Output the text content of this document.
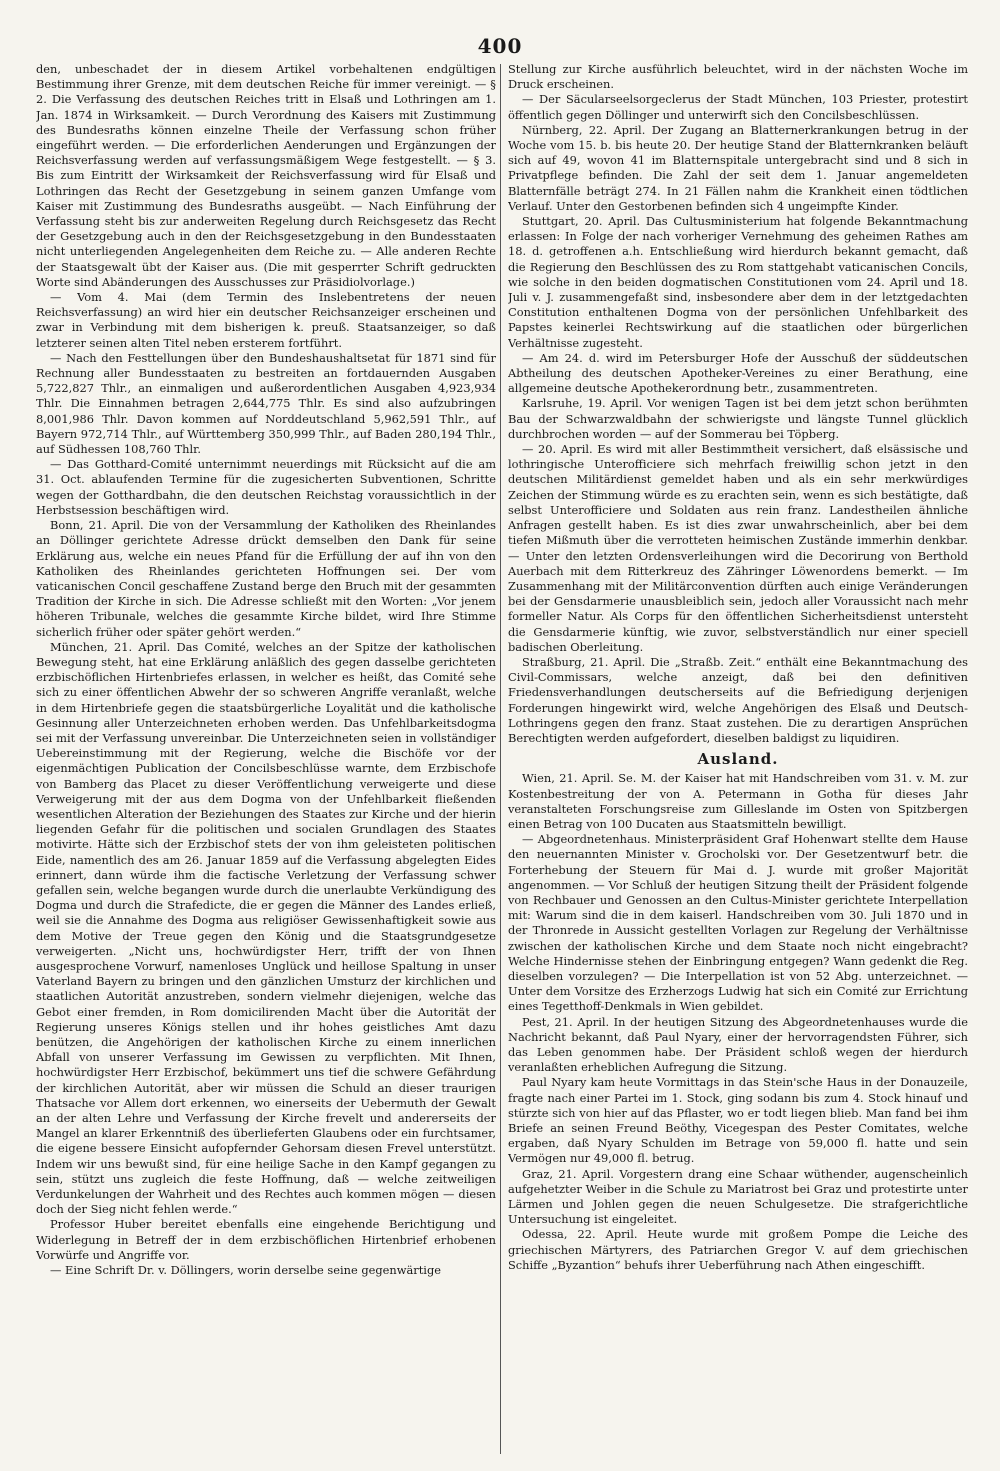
400

den, unbeschadet der in diesem Artikel vorbehaltenen endgültigen Bestimmung ihrer Grenze, mit dem deutschen Reiche für immer vereinigt. — § 2. Die Verfassung des deutschen Reiches tritt in Elsaß und Lothringen am 1. Jan. 1874 in Wirksamkeit. — Durch Verordnung des Kaisers mit Zustimmung des Bundesraths können einzelne Theile der Verfassung schon früher eingeführt werden. — Die erforderlichen Aenderungen und Ergänzungen der Reichsverfassung werden auf verfassungsmäßigem Wege festgestellt. — § 3. Bis zum Eintritt der Wirksamkeit der Reichsverfassung wird für Elsaß und Lothringen das Recht der Gesetzgebung in seinem ganzen Umfange vom Kaiser mit Zustimmung des Bundesraths ausgeübt. — Nach Einführung der Verfassung steht bis zur anderweiten Regelung durch Reichsgesetz das Recht der Gesetzgebung auch in den der Reichsgesetzgebung in den Bundesstaaten nicht unterliegenden Angelegenheiten dem Reiche zu. — Alle anderen Rechte der Staatsgewalt übt der Kaiser aus. (Die mit gesperrter Schrift gedruckten Worte sind Abänderungen des Ausschusses zur Präsidiolvorlage.)

— Vom 4. Mai (dem Termin des Inslebentretens der neuen Reichsverfassung) an wird hier ein deutscher Reichsanzeiger erscheinen und zwar in Verbindung mit dem bisherigen k. preuß. Staatsanzeiger, so daß letzterer seinen alten Titel neben ersterem fortführt.

— Nach den Festtellungen über den Bundeshaushaltsetat für 1871 sind für Rechnung aller Bundesstaaten zu bestreiten an fortdauernden Ausgaben 5,722,827 Thlr., an einmaligen und außerordentlichen Ausgaben 4,923,934 Thlr. Die Einnahmen betragen 2,644,775 Thlr. Es sind also aufzubringen 8,001,986 Thlr. Davon kommen auf Norddeutschland 5,962,591 Thlr., auf Bayern 972,714 Thlr., auf Württemberg 350,999 Thlr., auf Baden 280,194 Thlr., auf Südhessen 108,760 Thlr.

— Das Gotthard-Comité unternimmt neuerdings mit Rücksicht auf die am 31. Oct. ablaufenden Termine für die zugesicherten Subventionen, Schritte wegen der Gotthardbahn, die den deutschen Reichstag voraussichtlich in der Herbstsession beschäftigen wird.

Bonn, 21. April. Die von der Versammlung der Katholiken des Rheinlandes an Döllinger gerichtete Adresse drückt demselben den Dank für seine Erklärung aus, welche ein neues Pfand für die Erfüllung der auf ihn von den Katholiken des Rheinlandes gerichteten Hoffnungen sei. Der vom vaticanischen Concil geschaffene Zustand berge den Bruch mit der gesammten Tradition der Kirche in sich. Die Adresse schließt mit den Worten: „Vor jenem höheren Tribunale, welches die gesammte Kirche bildet, wird Ihre Stimme sicherlich früher oder später gehört werden.“

München, 21. April. Das Comité, welches an der Spitze der katholischen Bewegung steht, hat eine Erklärung anläßlich des gegen dasselbe gerichteten erzbischöflichen Hirtenbriefes erlassen, in welcher es heißt, das Comité sehe sich zu einer öffentlichen Abwehr der so schweren Angriffe veranlaßt, welche in dem Hirtenbriefe gegen die staatsbürgerliche Loyalität und die katholische Gesinnung aller Unterzeichneten erhoben werden. Das Unfehlbarkeitsdogma sei mit der Verfassung unvereinbar. Die Unterzeichneten seien in vollständiger Uebereinstimmung mit der Regierung, welche die Bischöfe vor der eigenmächtigen Publication der Concilsbeschlüsse warnte, dem Erzbischofe von Bamberg das Placet zu dieser Veröffentlichung verweigerte und diese Verweigerung mit der aus dem Dogma von der Unfehlbarkeit fließenden wesentlichen Alteration der Beziehungen des Staates zur Kirche und der hierin liegenden Gefahr für die politischen und socialen Grundlagen des Staates motivirte. Hätte sich der Erzbischof stets der von ihm geleisteten politischen Eide, namentlich des am 26. Januar 1859 auf die Verfassung abgelegten Eides erinnert, dann würde ihm die factische Verletzung der Verfassung schwer gefallen sein, welche begangen wurde durch die unerlaubte Verkündigung des Dogma und durch die Strafedicte, die er gegen die Männer des Landes erließ, weil sie die Annahme des Dogma aus religiöser Gewissenhaftigkeit sowie aus dem Motive der Treue gegen den König und die Staatsgrundgesetze verweigerten. „Nicht uns, hochwürdigster Herr, trifft der von Ihnen ausgesprochene Vorwurf, namenloses Unglück und heillose Spaltung in unser Vaterland Bayern zu bringen und den gänzlichen Umsturz der kirchlichen und staatlichen Autorität anzustreben, sondern vielmehr diejenigen, welche das Gebot einer fremden, in Rom domicilirenden Macht über die Autorität der Regierung unseres Königs stellen und ihr hohes geistliches Amt dazu benützen, die Angehörigen der katholischen Kirche zu einem innerlichen Abfall von unserer Verfassung im Gewissen zu verpflichten. Mit Ihnen, hochwürdigster Herr Erzbischof, bekümmert uns tief die schwere Gefährdung der kirchlichen Autorität, aber wir müssen die Schuld an dieser traurigen Thatsache vor Allem dort erkennen, wo einerseits der Uebermuth der Gewalt an der alten Lehre und Verfassung der Kirche frevelt und andererseits der Mangel an klarer Erkenntniß des überlieferten Glaubens oder ein furchtsamer, die eigene bessere Einsicht aufopfernder Gehorsam diesen Frevel unterstützt. Indem wir uns bewußt sind, für eine heilige Sache in den Kampf gegangen zu sein, stützt uns zugleich die feste Hoffnung, daß — welche zeitweiligen Verdunkelungen der Wahrheit und des Rechtes auch kommen mögen — diesen doch der Sieg nicht fehlen werde.“

Professor Huber bereitet ebenfalls eine eingehende Berichtigung und Widerlegung in Betreff der in dem erzbischöflichen Hirtenbrief erhobenen Vorwürfe und Angriffe vor.

— Eine Schrift Dr. v. Döllingers, worin derselbe seine gegenwärtige

Stellung zur Kirche ausführlich beleuchtet, wird in der nächsten Woche im Druck erscheinen.

— Der Säcularseelsorgeclerus der Stadt München, 103 Priester, protestirt öffentlich gegen Döllinger und unterwirft sich den Concilsbeschlüssen.

Nürnberg, 22. April. Der Zugang an Blatternerkrankungen betrug in der Woche vom 15. b. bis heute 20. Der heutige Stand der Blatternkranken beläuft sich auf 49, wovon 41 im Blatternspitale untergebracht sind und 8 sich in Privatpflege befinden. Die Zahl der seit dem 1. Januar angemeldeten Blatternfälle beträgt 274. In 21 Fällen nahm die Krankheit einen tödtlichen Verlauf. Unter den Gestorbenen befinden sich 4 ungeimpfte Kinder.

Stuttgart, 20. April. Das Cultusministerium hat folgende Bekanntmachung erlassen: In Folge der nach vorheriger Vernehmung des geheimen Rathes am 18. d. getroffenen a.h. Entschließung wird hierdurch bekannt gemacht, daß die Regierung den Beschlüssen des zu Rom stattgehabt vaticanischen Concils, wie solche in den beiden dogmatischen Constitutionen vom 24. April und 18. Juli v. J. zusammengefaßt sind, insbesondere aber dem in der letztgedachten Constitution enthaltenen Dogma von der persönlichen Unfehlbarkeit des Papstes keinerlei Rechtswirkung auf die staatlichen oder bürgerlichen Verhältnisse zugesteht.

— Am 24. d. wird im Petersburger Hofe der Ausschuß der süddeutschen Abtheilung des deutschen Apotheker-Vereines zu einer Berathung, eine allgemeine deutsche Apothekerordnung betr., zusammentreten.

Karlsruhe, 19. April. Vor wenigen Tagen ist bei dem jetzt schon berühmten Bau der Schwarzwaldbahn der schwierigste und längste Tunnel glücklich durchbrochen worden — auf der Sommerau bei Töpberg.

— 20. April. Es wird mit aller Bestimmtheit versichert, daß elsässische und lothringische Unterofficiere sich mehrfach freiwillig schon jetzt in den deutschen Militärdienst gemeldet haben und als ein sehr merkwürdiges Zeichen der Stimmung würde es zu erachten sein, wenn es sich bestätigte, daß selbst Unterofficiere und Soldaten aus rein franz. Landestheilen ähnliche Anfragen gestellt haben. Es ist dies zwar unwahrscheinlich, aber bei dem tiefen Mißmuth über die verrotteten heimischen Zustände immerhin denkbar. — Unter den letzten Ordensverleihungen wird die Decorirung von Berthold Auerbach mit dem Ritterkreuz des Zähringer Löwenordens bemerkt. — Im Zusammenhang mit der Militärconvention dürften auch einige Veränderungen bei der Gensdarmerie unausbleiblich sein, jedoch aller Voraussicht nach mehr formeller Natur. Als Corps für den öffentlichen Sicherheitsdienst untersteht die Gensdarmerie künftig, wie zuvor, selbstverständlich nur einer speciell badischen Oberleitung.

Straßburg, 21. April. Die „Straßb. Zeit.“ enthält eine Bekanntmachung des Civil-Commissars, welche anzeigt, daß bei den definitiven Friedensverhandlungen deutscherseits auf die Befriedigung derjenigen Forderungen hingewirkt wird, welche Angehörigen des Elsaß und Deutsch-Lothringens gegen den franz. Staat zustehen. Die zu derartigen Ansprüchen Berechtigten werden aufgefordert, dieselben baldigst zu liquidiren.

Ausland.

Wien, 21. April. Se. M. der Kaiser hat mit Handschreiben vom 31. v. M. zur Kostenbestreitung der von A. Petermann in Gotha für dieses Jahr veranstalteten Forschungsreise zum Gilleslande im Osten von Spitzbergen einen Betrag von 100 Ducaten aus Staatsmitteln bewilligt.

— Abgeordnetenhaus. Ministerpräsident Graf Hohenwart stellte dem Hause den neuernannten Minister v. Grocholski vor. Der Gesetzentwurf betr. die Forterhebung der Steuern für Mai d. J. wurde mit großer Majorität angenommen. — Vor Schluß der heutigen Sitzung theilt der Präsident folgende von Rechbauer und Genossen an den Cultus-Minister gerichtete Interpellation mit: Warum sind die in dem kaiserl. Handschreiben vom 30. Juli 1870 und in der Thronrede in Aussicht gestellten Vorlagen zur Regelung der Verhältnisse zwischen der katholischen Kirche und dem Staate noch nicht eingebracht? Welche Hindernisse stehen der Einbringung entgegen? Wann gedenkt die Reg. dieselben vorzulegen? — Die Interpellation ist von 52 Abg. unterzeichnet. — Unter dem Vorsitze des Erzherzogs Ludwig hat sich ein Comité zur Errichtung eines Tegetthoff-Denkmals in Wien gebildet.

Pest, 21. April. In der heutigen Sitzung des Abgeordnetenhauses wurde die Nachricht bekannt, daß Paul Nyary, einer der hervorragendsten Führer, sich das Leben genommen habe. Der Präsident schloß wegen der hierdurch veranlaßten erheblichen Aufregung die Sitzung.

Paul Nyary kam heute Vormittags in das Stein'sche Haus in der Donauzeile, fragte nach einer Partei im 1. Stock, ging sodann bis zum 4. Stock hinauf und stürzte sich von hier auf das Pflaster, wo er todt liegen blieb. Man fand bei ihm Briefe an seinen Freund Beöthy, Vicegespan des Pester Comitates, welche ergaben, daß Nyary Schulden im Betrage von 59,000 fl. hatte und sein Vermögen nur 49,000 fl. betrug.

Graz, 21. April. Vorgestern drang eine Schaar wüthender, augenscheinlich aufgehetzter Weiber in die Schule zu Mariatrost bei Graz und protestirte unter Lärmen und Johlen gegen die neuen Schulgesetze. Die strafgerichtliche Untersuchung ist eingeleitet.

Odessa, 22. April. Heute wurde mit großem Pompe die Leiche des griechischen Märtyrers, des Patriarchen Gregor V. auf dem griechischen Schiffe „Byzantion“ behufs ihrer Ueberführung nach Athen eingeschifft.
